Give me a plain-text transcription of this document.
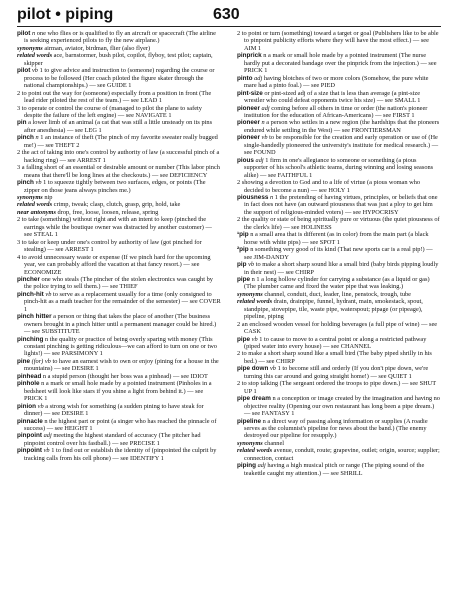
pilot • piping	630

pilot n one who flies or is qualified to fly an aircraft or spacecraft (The airline is seeking experienced pilots to fly the new airplane.)

synonyms airman, aviator, birdman, flier (also flyer)

related words ace, barnstormer, bush pilot, copilot, flyboy, test pilot; captain, skipper

pilot vb 1 to give advice and instruction to (someone) regarding the course or process to be followed (Her coach piloted the figure skater through the national championships.) — see GUIDE 1

2 to point out the way for (someone) especially from a position in front (The lead rider piloted the rest of the team.) — see LEAD 1

3 to operate or control the course of (managed to pilot the plane to safety despite the failure of the left engine) — see NAVIGATE 1

pin a lower limb of an animal (a cat that was still a little unsteady on its pins after anesthesia) — see LEG 1

pinch n 1 an instance of theft (The pinch of my favorite sweater really bugged me!) — see THEFT 2

2 the act of taking into one's control by authority of law (a successful pinch of a hacking ring) — see ARREST 1

3 a falling short of an essential or desirable amount or number (This labor pinch means that there'll be long lines at the checkouts.) — see DEFICIENCY

pinch vb 1 to squeeze tightly between two surfaces, edges, or points (The zipper on those jeans always pinches me.)

synonyms nip

related words crimp, tweak; clasp, clutch, grasp, grip, hold, take

near antonyms drop, free, loose, loosen, release, spring

2 to take (something) without right and with an intent to keep (pinched the earrings while the boutique owner was distracted by another customer) — see STEAL 1

3 to take or keep under one's control by authority of law (got pinched for stealing) — see ARREST 1

4 to avoid unnecessary waste or expense (If we pinch hard for the upcoming year, we can probably afford the vacation at that fancy resort.) — see ECONOMIZE

pincher one who steals (The pincher of the stolen electronics was caught by the police trying to sell them.) — see THIEF

pinch-hit vb to serve as a replacement usually for a time (only consigned to pinch-hit as a math teacher for the remainder of the semester) — see COVER 1

pinch hitter a person or thing that takes the place of another (The business owners brought in a pinch hitter until a permanent manager could be hired.) — see SUBSTITUTE

pinching n the quality or practice of being overly sparing with money (This constant pinching is getting ridiculous—we can afford to turn on one or two lights!) — see PARSIMONY 1

pine (for) vb to have an earnest wish to own or enjoy (pining for a house in the mountains) — see DESIRE 1

pinhead n a stupid person (thought her boss was a pinhead) — see IDIOT

pinhole n a mark or small hole made by a pointed instrument (Pinholes in a bedsheet will look like stars if you shine a light from behind it.) — see PRICK 1

pinion vb a strong wish for something (a sudden pining to have steak for dinner) — see DESIRE 1

pinnacle n the highest part or point (a singer who has reached the pinnacle of success) — see HEIGHT 1

pinpoint adj meeting the highest standard of accuracy (The pitcher had pinpoint control over his fastball.) — see PRECISE 1

pinpoint vb 1 to find out or establish the identity of (pinpointed the culprit by tracking calls from his cell phone) — see IDENTIFY 1

2 to point or turn (something) toward a target or goal (Publishers like to be able to pinpoint publicity efforts where they will have the most effect.) — see AIM 1

pinprick n a mark or small hole made by a pointed instrument (The nurse hardly put a decorated bandage over the pinprick from the injection.) — see PRICK 1

pinto adj having blotches of two or more colors (Somehow, the pure white mare had a pinto foal.) — see PIED

pint-size or pint-sized adj of a size that is less than average (a pint-size wrestler who could defeat opponents twice his size) — see SMALL 1

pioneer adj coming before all others in time or order (the nation's pioneer institution for the education of African-Americans) — see FIRST 1

pioneer n a person who settles in a new region (the hardships that the pioneers endured while settling in the West) — see FRONTIERSMAN

pioneer vb to be responsible for the creation and early operation or use of (He single-handedly pioneered the university's institute for medical research.) — see FOUND

pious adj 1 firm in one's allegiance to someone or something (a pious supporter of his school's athletic teams, during winning and losing seasons alike) — see FAITHFUL 1

2 showing a devotion to God and to a life of virtue (a pious woman who decided to become a nun) — see HOLY 1

piousness n 1 the pretending of having virtues, principles, or beliefs that one in fact does not have (an outward piousness that was just a ploy to get him the support of religious-minded voters) — see HYPOCRISY

2 the quality or state of being spiritually pure or virtuous (the quiet piousness of the clerk's life) — see HOLINESS

¹pip n a small area that is different (as in color) from the main part (a black horse with white pips) — see SPOT 1

²pip n something very good of its kind (That new sports car is a real pip!) — see JIM-DANDY

pip vb to make a short sharp sound like a small bird (baby birds pipping loudly in their nest) — see CHIRP

pipe n 1 a long hollow cylinder for carrying a substance (as a liquid or gas) (The plumber came and fixed the water pipe that was leaking.)

synonyms channel, conduit, duct, leader, line, penstock, trough, tube

related words drain, drainpipe, funnel, hydrant, main, smokestack, spout, standpipe, stovepipe, tile, waste pipe, waterspout; pipage (or pipeage), pipeline, piping

2 an enclosed wooden vessel for holding beverages (a full pipe of wine) — see CASK

pipe vb 1 to cause to move to a central point or along a restricted pathway (piped water into every house) — see CHANNEL

2 to make a short sharp sound like a small bird (The baby piped shrilly in his bed.) — see CHIRP

pipe down vb 1 to become still and orderly (If you don't pipe down, we're turning this car around and going straight home!) — see QUIET 1

2 to stop talking (The sergeant ordered the troops to pipe down.) — see SHUT UP 1

pipe dream n a conception or image created by the imagination and having no objective reality (Opening our own restaurant has long been a pipe dream.) — see FANTASY 1

pipeline n a direct way of passing along information or supplies (A roadie serves as the columnist's pipeline for news about the band.) (The enemy destroyed our pipeline for resupply.)

synonyms channel

related words avenue, conduit, route; grapevine, outlet; origin, source; supplier; connection, contact

piping adj having a high musical pitch or range (The piping sound of the teakettle caught my attention.) — see SHRILL
